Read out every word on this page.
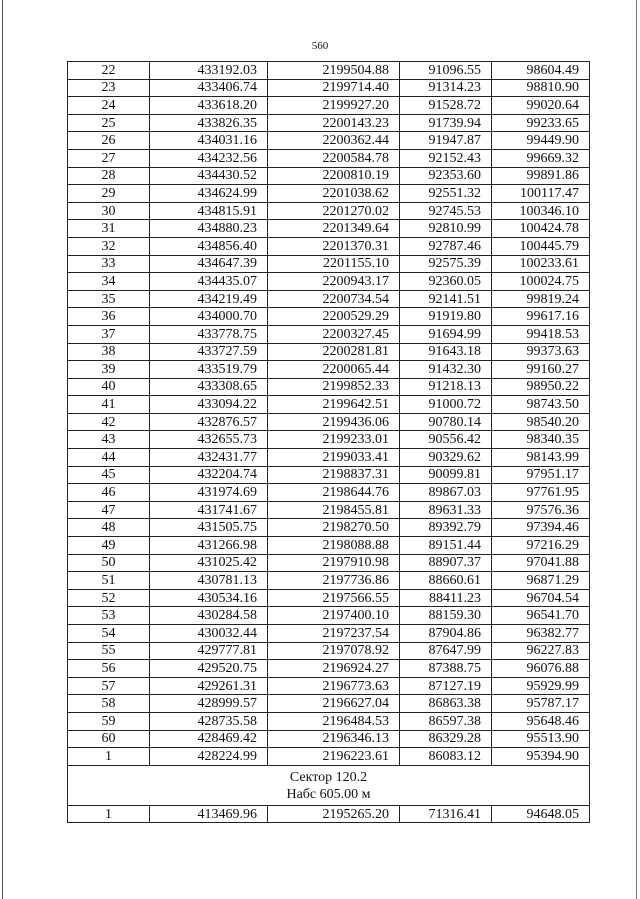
560
22	433192.03	2199504.88	91096.55	98604.49
23	433406.74	2199714.40	91314.23	98810.90
24	433618.20	2199927.20	91528.72	99020.64
25	433826.35	2200143.23	91739.94	99233.65
26	434031.16	2200362.44	91947.87	99449.90
27	434232.56	2200584.78	92152.43	99669.32
28	434430.52	2200810.19	92353.60	99891.86
29	434624.99	2201038.62	92551.32	100117.47
30	434815.91	2201270.02	92745.53	100346.10
31	434880.23	2201349.64	92810.99	100424.78
32	434856.40	2201370.31	92787.46	100445.79
33	434647.39	2201155.10	92575.39	100233.61
34	434435.07	2200943.17	92360.05	100024.75
35	434219.49	2200734.54	92141.51	99819.24
36	434000.70	2200529.29	91919.80	99617.16
37	433778.75	2200327.45	91694.99	99418.53
38	433727.59	2200281.81	91643.18	99373.63
39	433519.79	2200065.44	91432.30	99160.27
40	433308.65	2199852.33	91218.13	98950.22
41	433094.22	2199642.51	91000.72	98743.50
42	432876.57	2199436.06	90780.14	98540.20
43	432655.73	2199233.01	90556.42	98340.35
44	432431.77	2199033.41	90329.62	98143.99
45	432204.74	2198837.31	90099.81	97951.17
46	431974.69	2198644.76	89867.03	97761.95
47	431741.67	2198455.81	89631.33	97576.36
48	431505.75	2198270.50	89392.79	97394.46
49	431266.98	2198088.88	89151.44	97216.29
50	431025.42	2197910.98	88907.37	97041.88
51	430781.13	2197736.86	88660.61	96871.29
52	430534.16	2197566.55	88411.23	96704.54
53	430284.58	2197400.10	88159.30	96541.70
54	430032.44	2197237.54	87904.86	96382.77
55	429777.81	2197078.92	87647.99	96227.83
56	429520.75	2196924.27	87388.75	96076.88
57	429261.31	2196773.63	87127.19	95929.99
58	428999.57	2196627.04	86863.38	95787.17
59	428735.58	2196484.53	86597.38	95648.46
60	428469.42	2196346.13	86329.28	95513.90
1	428224.99	2196223.61	86083.12	95394.90

Сектор 120.2
Набс 605.00 м				

1	413469.96	2195265.20	71316.41	94648.05
